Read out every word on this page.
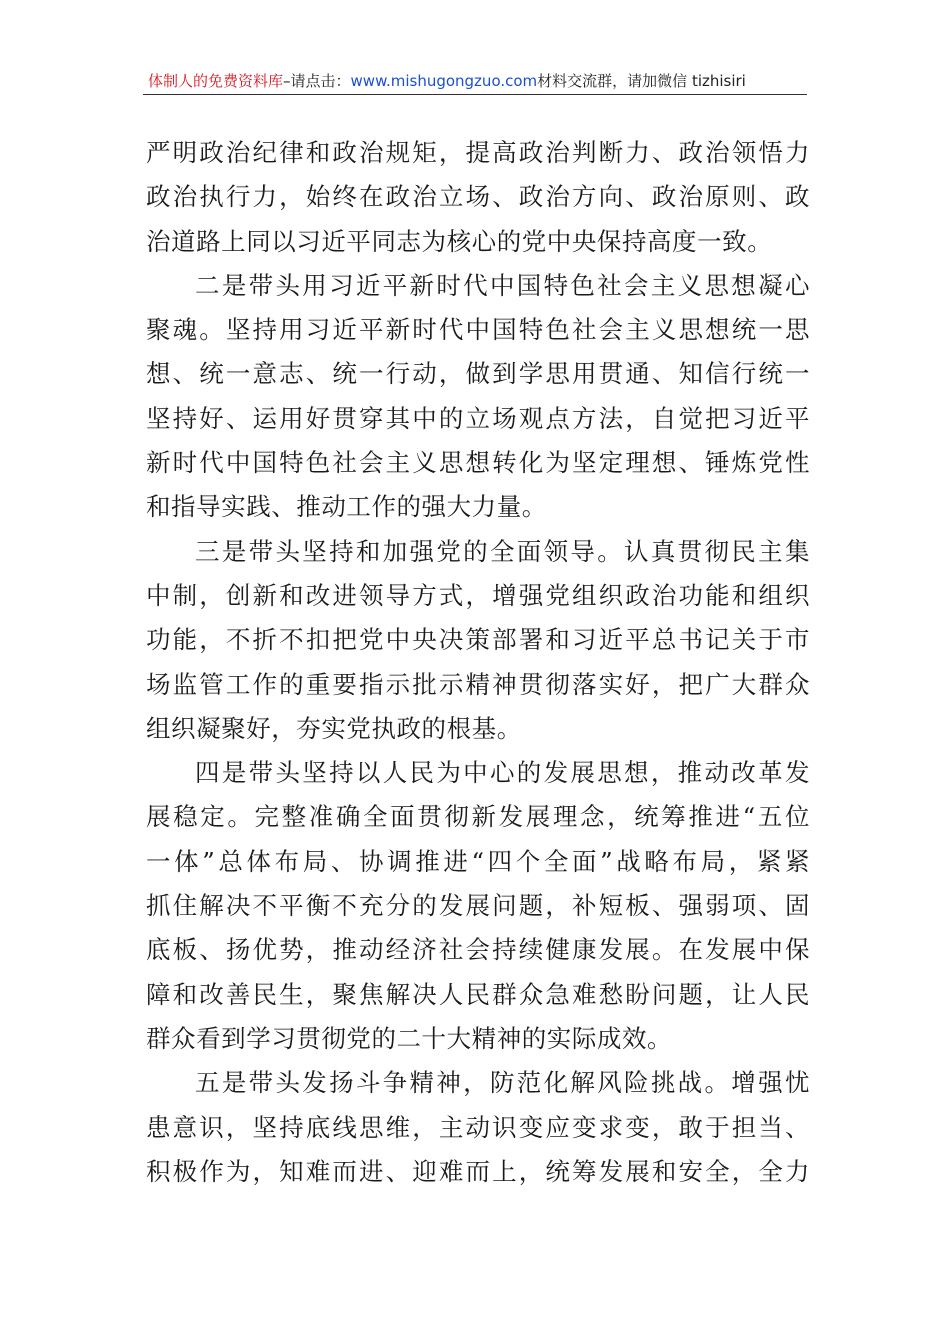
体制人的免费资料库–请点击：www.mishugongzuo.com材料交流群，请加微信 tizhisiri
严明政治纪律和政治规矩，提高政治判断力、政治领悟力
政治执行力，始终在政治立场、政治方向、政治原则、政
治道路上同以习近平同志为核心的党中央保持高度一致。
二是带头用习近平新时代中国特色社会主义思想凝心
聚魂。坚持用习近平新时代中国特色社会主义思想统一思
想、统一意志、统一行动，做到学思用贯通、知信行统一
坚持好、运用好贯穿其中的立场观点方法，自觉把习近平
新时代中国特色社会主义思想转化为坚定理想、锤炼党性
和指导实践、推动工作的强大力量。
三是带头坚持和加强党的全面领导。认真贯彻民主集
中制，创新和改进领导方式，增强党组织政治功能和组织
功能，不折不扣把党中央决策部署和习近平总书记关于市
场监管工作的重要指示批示精神贯彻落实好，把广大群众
组织凝聚好，夯实党执政的根基。
四是带头坚持以人民为中心的发展思想，推动改革发
展稳定。完整准确全面贯彻新发展理念，统筹推进“五位
一体”总体布局、协调推进“四个全面”战略布局，紧紧
抓住解决不平衡不充分的发展问题，补短板、强弱项、固
底板、扬优势，推动经济社会持续健康发展。在发展中保
障和改善民生，聚焦解决人民群众急难愁盼问题，让人民
群众看到学习贯彻党的二十大精神的实际成效。
五是带头发扬斗争精神，防范化解风险挑战。增强忧
患意识，坚持底线思维，主动识变应变求变，敢于担当、
积极作为，知难而进、迎难而上，统筹发展和安全，全力
